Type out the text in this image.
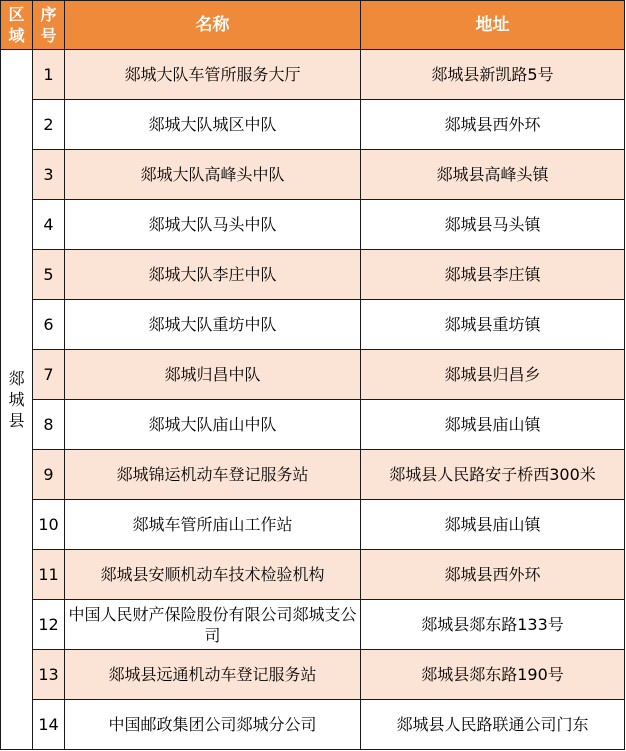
区域	序号	名称	地址
郯城县	1	郯城大队车管所服务大厅	郯城县新凯路5号
	2	郯城大队城区中队	郯城县西外环
	3	郯城大队高峰头中队	郯城县高峰头镇
	4	郯城大队马头中队	郯城县马头镇
	5	郯城大队李庄中队	郯城县李庄镇
	6	郯城大队重坊中队	郯城县重坊镇
	7	郯城归昌中队	郯城县归昌乡
	8	郯城大队庙山中队	郯城县庙山镇
	9	郯城锦运机动车登记服务站	郯城县人民路安子桥西300米
	10	郯城车管所庙山工作站	郯城县庙山镇
	11	郯城县安顺机动车技术检验机构	郯城县西外环
	12	中国人民财产保险股份有限公司郯城支公司	郯城县郯东路133号
	13	郯城县远通机动车登记服务站	郯城县郯东路190号
	14	中国邮政集团公司郯城分公司	郯城县人民路联通公司门东
